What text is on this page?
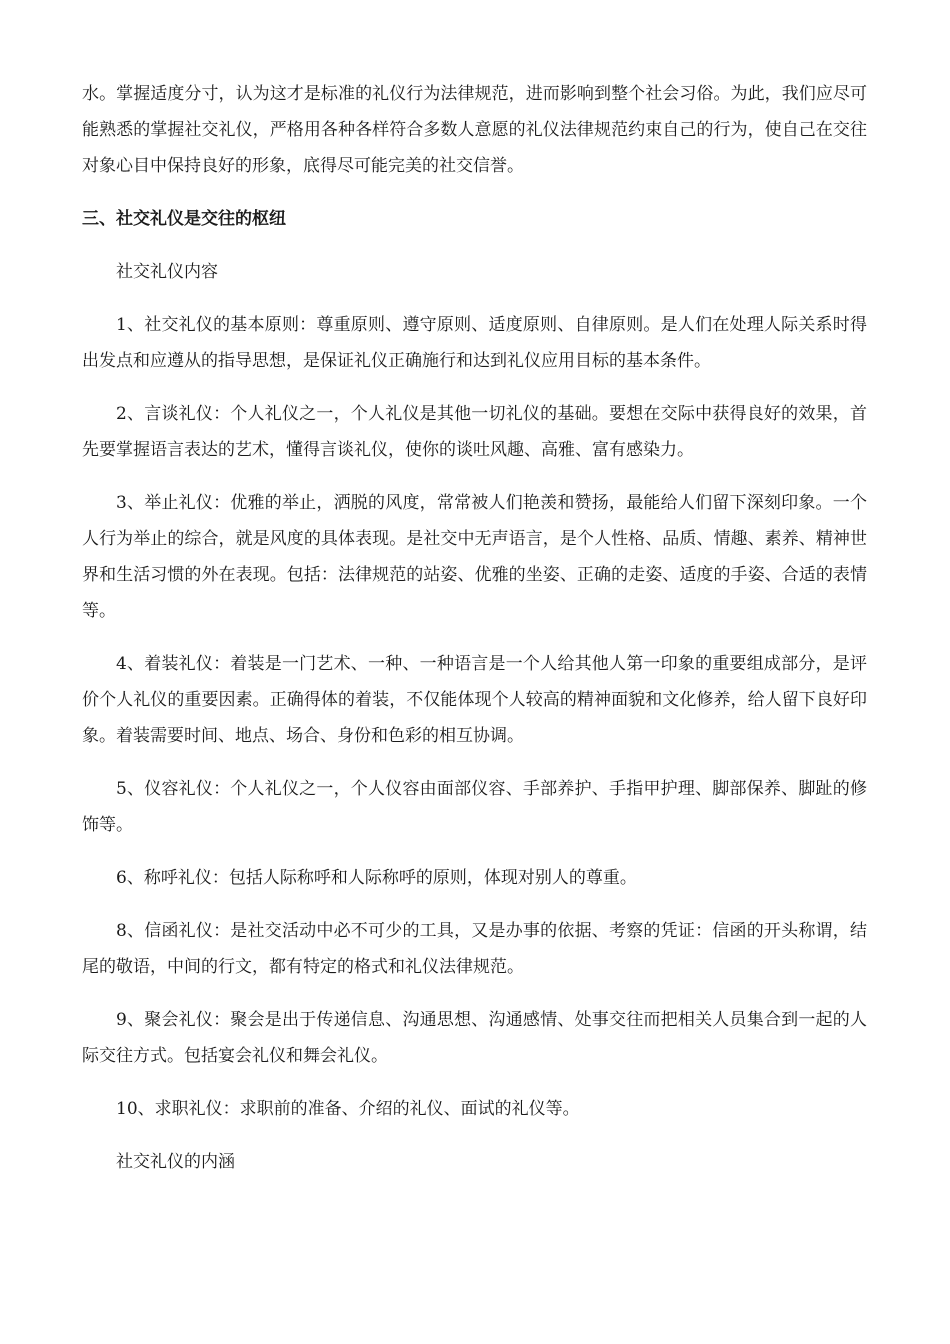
水。掌握适度分寸，认为这才是标准的礼仪行为法律规范，进而影响到整个社会习俗。为此，我们应尽可能熟悉的掌握社交礼仪，严格用各种各样符合多数人意愿的礼仪法律规范约束自己的行为，使自己在交往对象心目中保持良好的形象，底得尽可能完美的社交信誉。

三、社交礼仪是交往的枢纽

社交礼仪内容

1、社交礼仪的基本原则：尊重原则、遵守原则、适度原则、自律原则。是人们在处理人际关系时得出发点和应遵从的指导思想，是保证礼仪正确施行和达到礼仪应用目标的基本条件。

2、言谈礼仪：个人礼仪之一，个人礼仪是其他一切礼仪的基础。要想在交际中获得良好的效果，首先要掌握语言表达的艺术，懂得言谈礼仪，使你的谈吐风趣、高雅、富有感染力。

3、举止礼仪：优雅的举止，洒脱的风度，常常被人们艳羡和赞扬，最能给人们留下深刻印象。一个人行为举止的综合，就是风度的具体表现。是社交中无声语言，是个人性格、品质、情趣、素养、精神世界和生活习惯的外在表现。包括：法律规范的站姿、优雅的坐姿、正确的走姿、适度的手姿、合适的表情等。

4、着装礼仪：着装是一门艺术、一种、一种语言是一个人给其他人第一印象的重要组成部分，是评价个人礼仪的重要因素。正确得体的着装，不仅能体现个人较高的精神面貌和文化修养，给人留下良好印象。着装需要时间、地点、场合、身份和色彩的相互协调。

5、仪容礼仪：个人礼仪之一，个人仪容由面部仪容、手部养护、手指甲护理、脚部保养、脚趾的修饰等。

6、称呼礼仪：包括人际称呼和人际称呼的原则，体现对别人的尊重。

8、信函礼仪：是社交活动中必不可少的工具，又是办事的依据、考察的凭证：信函的开头称谓，结尾的敬语，中间的行文，都有特定的格式和礼仪法律规范。

9、聚会礼仪：聚会是出于传递信息、沟通思想、沟通感情、处事交往而把相关人员集合到一起的人际交往方式。包括宴会礼仪和舞会礼仪。

10、求职礼仪：求职前的准备、介绍的礼仪、面试的礼仪等。

社交礼仪的内涵
